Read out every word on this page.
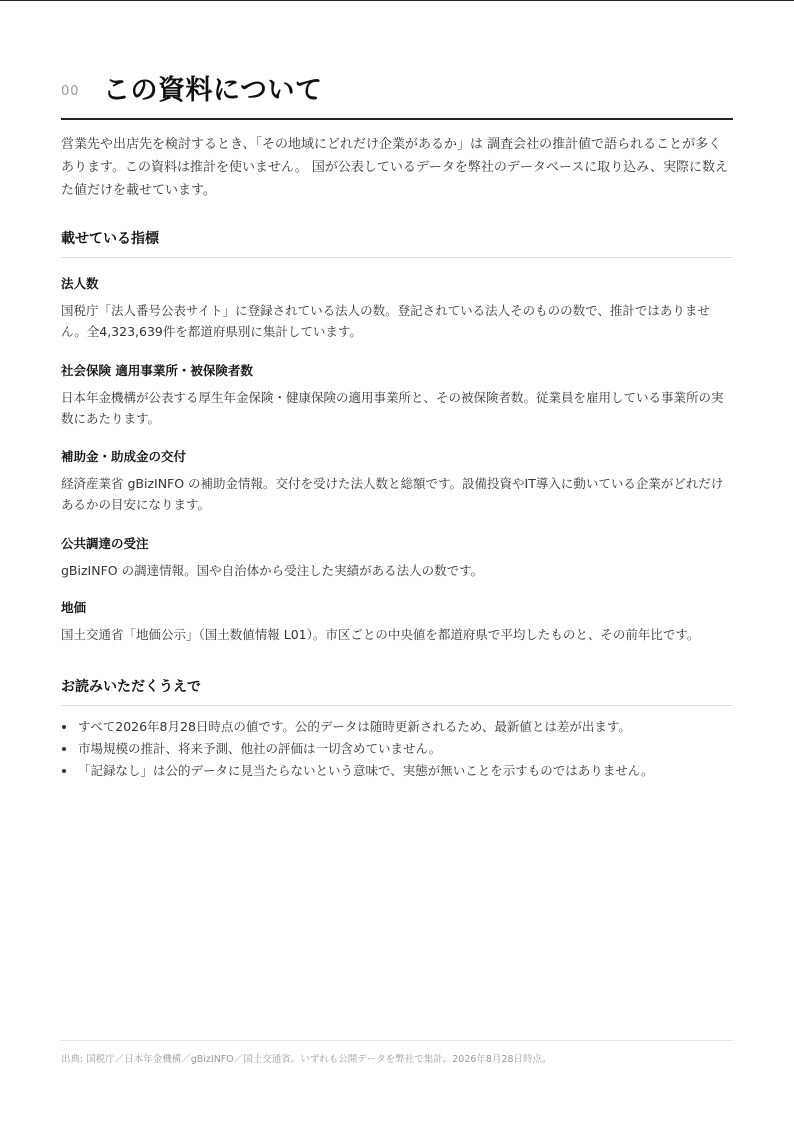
00 この資料について

営業先や出店先を検討するとき、「その地域にどれだけ企業があるか」は 調査会社の推計値で語られることが多くあります。この資料は推計を使いません。 国が公表しているデータを弊社のデータベースに取り込み、実際に数えた値だけを載せています。

載せている指標

法人数

国税庁「法人番号公表サイト」に登録されている法人の数。登記されている法人そのものの数で、推計ではありません。全4,323,639件を都道府県別に集計しています。

社会保険 適用事業所・被保険者数

日本年金機構が公表する厚生年金保険・健康保険の適用事業所と、その被保険者数。従業員を雇用している事業所の実数にあたります。

補助金・助成金の交付

経済産業省 gBizINFO の補助金情報。交付を受けた法人数と総額です。設備投資やIT導入に動いている企業がどれだけあるかの目安になります。

公共調達の受注

gBizINFO の調達情報。国や自治体から受注した実績がある法人の数です。

地価

国土交通省「地価公示」（国土数値情報 L01）。市区ごとの中央値を都道府県で平均したものと、その前年比です。

お読みいただくうえで
すべて2026年8月28日時点の値です。公的データは随時更新されるため、最新値とは差が出ます。
市場規模の推計、将来予測、他社の評価は一切含めていません。
「記録なし」は公的データに見当たらないという意味で、実態が無いことを示すものではありません。
出典: 国税庁／日本年金機構／gBizINFO／国土交通省。いずれも公開データを弊社で集計。2026年8月28日時点。
